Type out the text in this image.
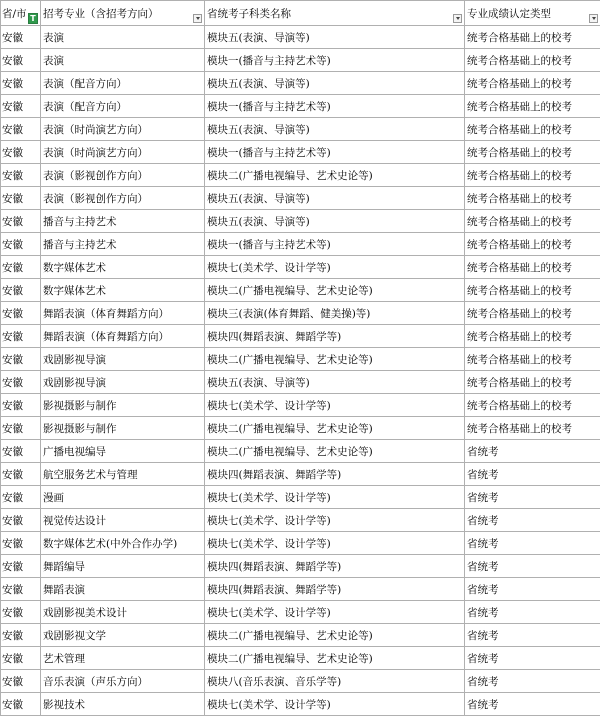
省/市 T	招考专业（含招考方向）	省统考子科类名称	专业成绩认定类型

安徽	表演	模块五(表演、导演等)	统考合格基础上的校考
安徽	表演	模块一(播音与主持艺术等)	统考合格基础上的校考
安徽	表演（配音方向）	模块五(表演、导演等)	统考合格基础上的校考
安徽	表演（配音方向）	模块一(播音与主持艺术等)	统考合格基础上的校考
安徽	表演（时尚演艺方向）	模块五(表演、导演等)	统考合格基础上的校考
安徽	表演（时尚演艺方向）	模块一(播音与主持艺术等)	统考合格基础上的校考
安徽	表演（影视创作方向）	模块二(广播电视编导、艺术史论等)	统考合格基础上的校考
安徽	表演（影视创作方向）	模块五(表演、导演等)	统考合格基础上的校考
安徽	播音与主持艺术	模块五(表演、导演等)	统考合格基础上的校考
安徽	播音与主持艺术	模块一(播音与主持艺术等)	统考合格基础上的校考
安徽	数字媒体艺术	模块七(美术学、设计学等)	统考合格基础上的校考
安徽	数字媒体艺术	模块二(广播电视编导、艺术史论等)	统考合格基础上的校考
安徽	舞蹈表演（体育舞蹈方向）	模块三(表演(体育舞蹈、健美操)等)	统考合格基础上的校考
安徽	舞蹈表演（体育舞蹈方向）	模块四(舞蹈表演、舞蹈学等)	统考合格基础上的校考
安徽	戏剧影视导演	模块二(广播电视编导、艺术史论等)	统考合格基础上的校考
安徽	戏剧影视导演	模块五(表演、导演等)	统考合格基础上的校考
安徽	影视摄影与制作	模块七(美术学、设计学等)	统考合格基础上的校考
安徽	影视摄影与制作	模块二(广播电视编导、艺术史论等)	统考合格基础上的校考
安徽	广播电视编导	模块二(广播电视编导、艺术史论等)	省统考
安徽	航空服务艺术与管理	模块四(舞蹈表演、舞蹈学等)	省统考
安徽	漫画	模块七(美术学、设计学等)	省统考
安徽	视觉传达设计	模块七(美术学、设计学等)	省统考
安徽	数字媒体艺术(中外合作办学)	模块七(美术学、设计学等)	省统考
安徽	舞蹈编导	模块四(舞蹈表演、舞蹈学等)	省统考
安徽	舞蹈表演	模块四(舞蹈表演、舞蹈学等)	省统考
安徽	戏剧影视美术设计	模块七(美术学、设计学等)	省统考
安徽	戏剧影视文学	模块二(广播电视编导、艺术史论等)	省统考
安徽	艺术管理	模块二(广播电视编导、艺术史论等)	省统考
安徽	音乐表演（声乐方向）	模块八(音乐表演、音乐学等)	省统考
安徽	影视技术	模块七(美术学、设计学等)	省统考
